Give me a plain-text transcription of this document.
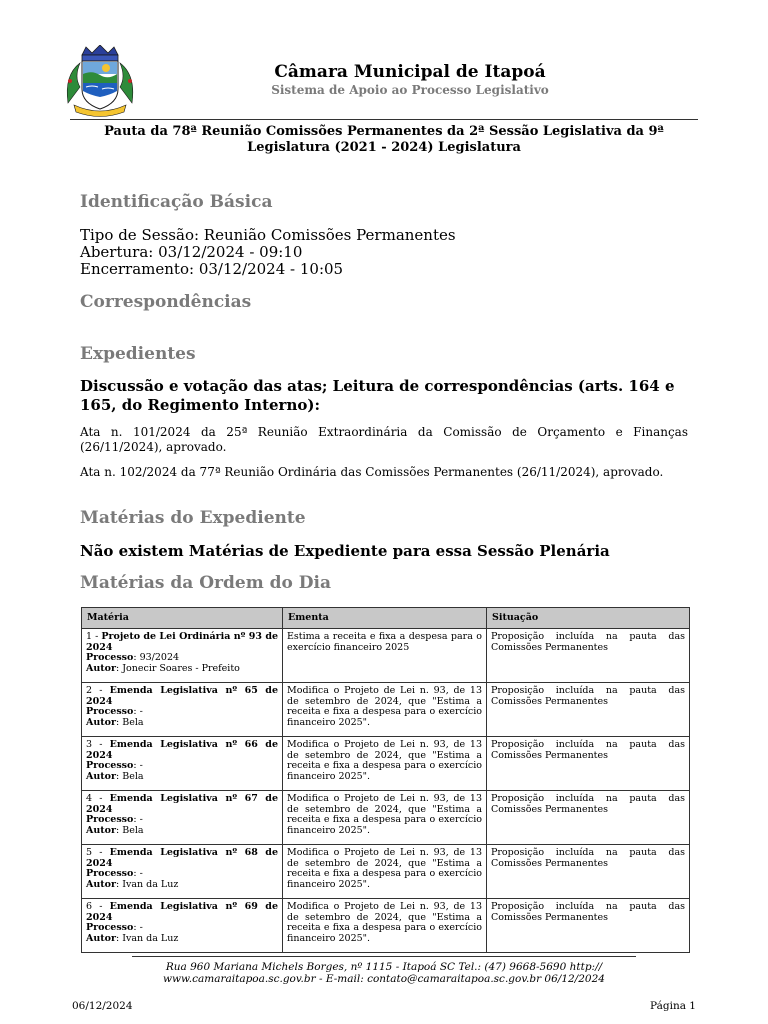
Câmara Municipal de Itapoá
Sistema de Apoio ao Processo Legislativo
Pauta da 78ª Reunião Comissões Permanentes da 2ª Sessão Legislativa da 9ª Legislatura (2021 - 2024) Legislatura
Identificação Básica
Tipo de Sessão: Reunião Comissões Permanentes
Abertura: 03/12/2024 - 09:10
Encerramento: 03/12/2024 - 10:05
Correspondências
Expedientes
Discussão e votação das atas; Leitura de correspondências (arts. 164 e 165, do Regimento Interno):
Ata n. 101/2024 da 25ª Reunião Extraordinária da Comissão de Orçamento e Finanças (26/11/2024), aprovado.
Ata n. 102/2024 da 77ª Reunião Ordinária das Comissões Permanentes (26/11/2024), aprovado.
Matérias do Expediente
Não existem Matérias de Expediente para essa Sessão Plenária
Matérias da Ordem do Dia
Matéria	Ementa	Situação
1 - Projeto de Lei Ordinária nº 93 de 2024
Processo: 93/2024
Autor: Jonecir Soares - Prefeito	Estima a receita e fixa a despesa para o exercício financeiro 2025	Proposição incluída na pauta das Comissões Permanentes
2 - Emenda Legislativa nº 65 de 2024
Processo: -
Autor: Bela	Modifica o Projeto de Lei n. 93, de 13 de setembro de 2024, que "Estima a receita e fixa a despesa para o exercício financeiro 2025".	Proposição incluída na pauta das Comissões Permanentes
3 - Emenda Legislativa nº 66 de 2024
Processo: -
Autor: Bela	Modifica o Projeto de Lei n. 93, de 13 de setembro de 2024, que "Estima a receita e fixa a despesa para o exercício financeiro 2025".	Proposição incluída na pauta das Comissões Permanentes
4 - Emenda Legislativa nº 67 de 2024
Processo: -
Autor: Bela	Modifica o Projeto de Lei n. 93, de 13 de setembro de 2024, que "Estima a receita e fixa a despesa para o exercício financeiro 2025".	Proposição incluída na pauta das Comissões Permanentes
5 - Emenda Legislativa nº 68 de 2024
Processo: -
Autor: Ivan da Luz	Modifica o Projeto de Lei n. 93, de 13 de setembro de 2024, que "Estima a receita e fixa a despesa para o exercício financeiro 2025".	Proposição incluída na pauta das Comissões Permanentes
6 - Emenda Legislativa nº 69 de 2024
Processo: -
Autor: Ivan da Luz	Modifica o Projeto de Lei n. 93, de 13 de setembro de 2024, que "Estima a receita e fixa a despesa para o exercício financeiro 2025".	Proposição incluída na pauta das Comissões Permanentes
Rua 960 Mariana Michels Borges, nº 1115 - Itapoá SC Tel.: (47) 9668-5690 http://
www.camaraitapoa.sc.gov.br - E-mail: contato@camaraitapoa.sc.gov.br 06/12/2024
06/12/2024	Página 1
